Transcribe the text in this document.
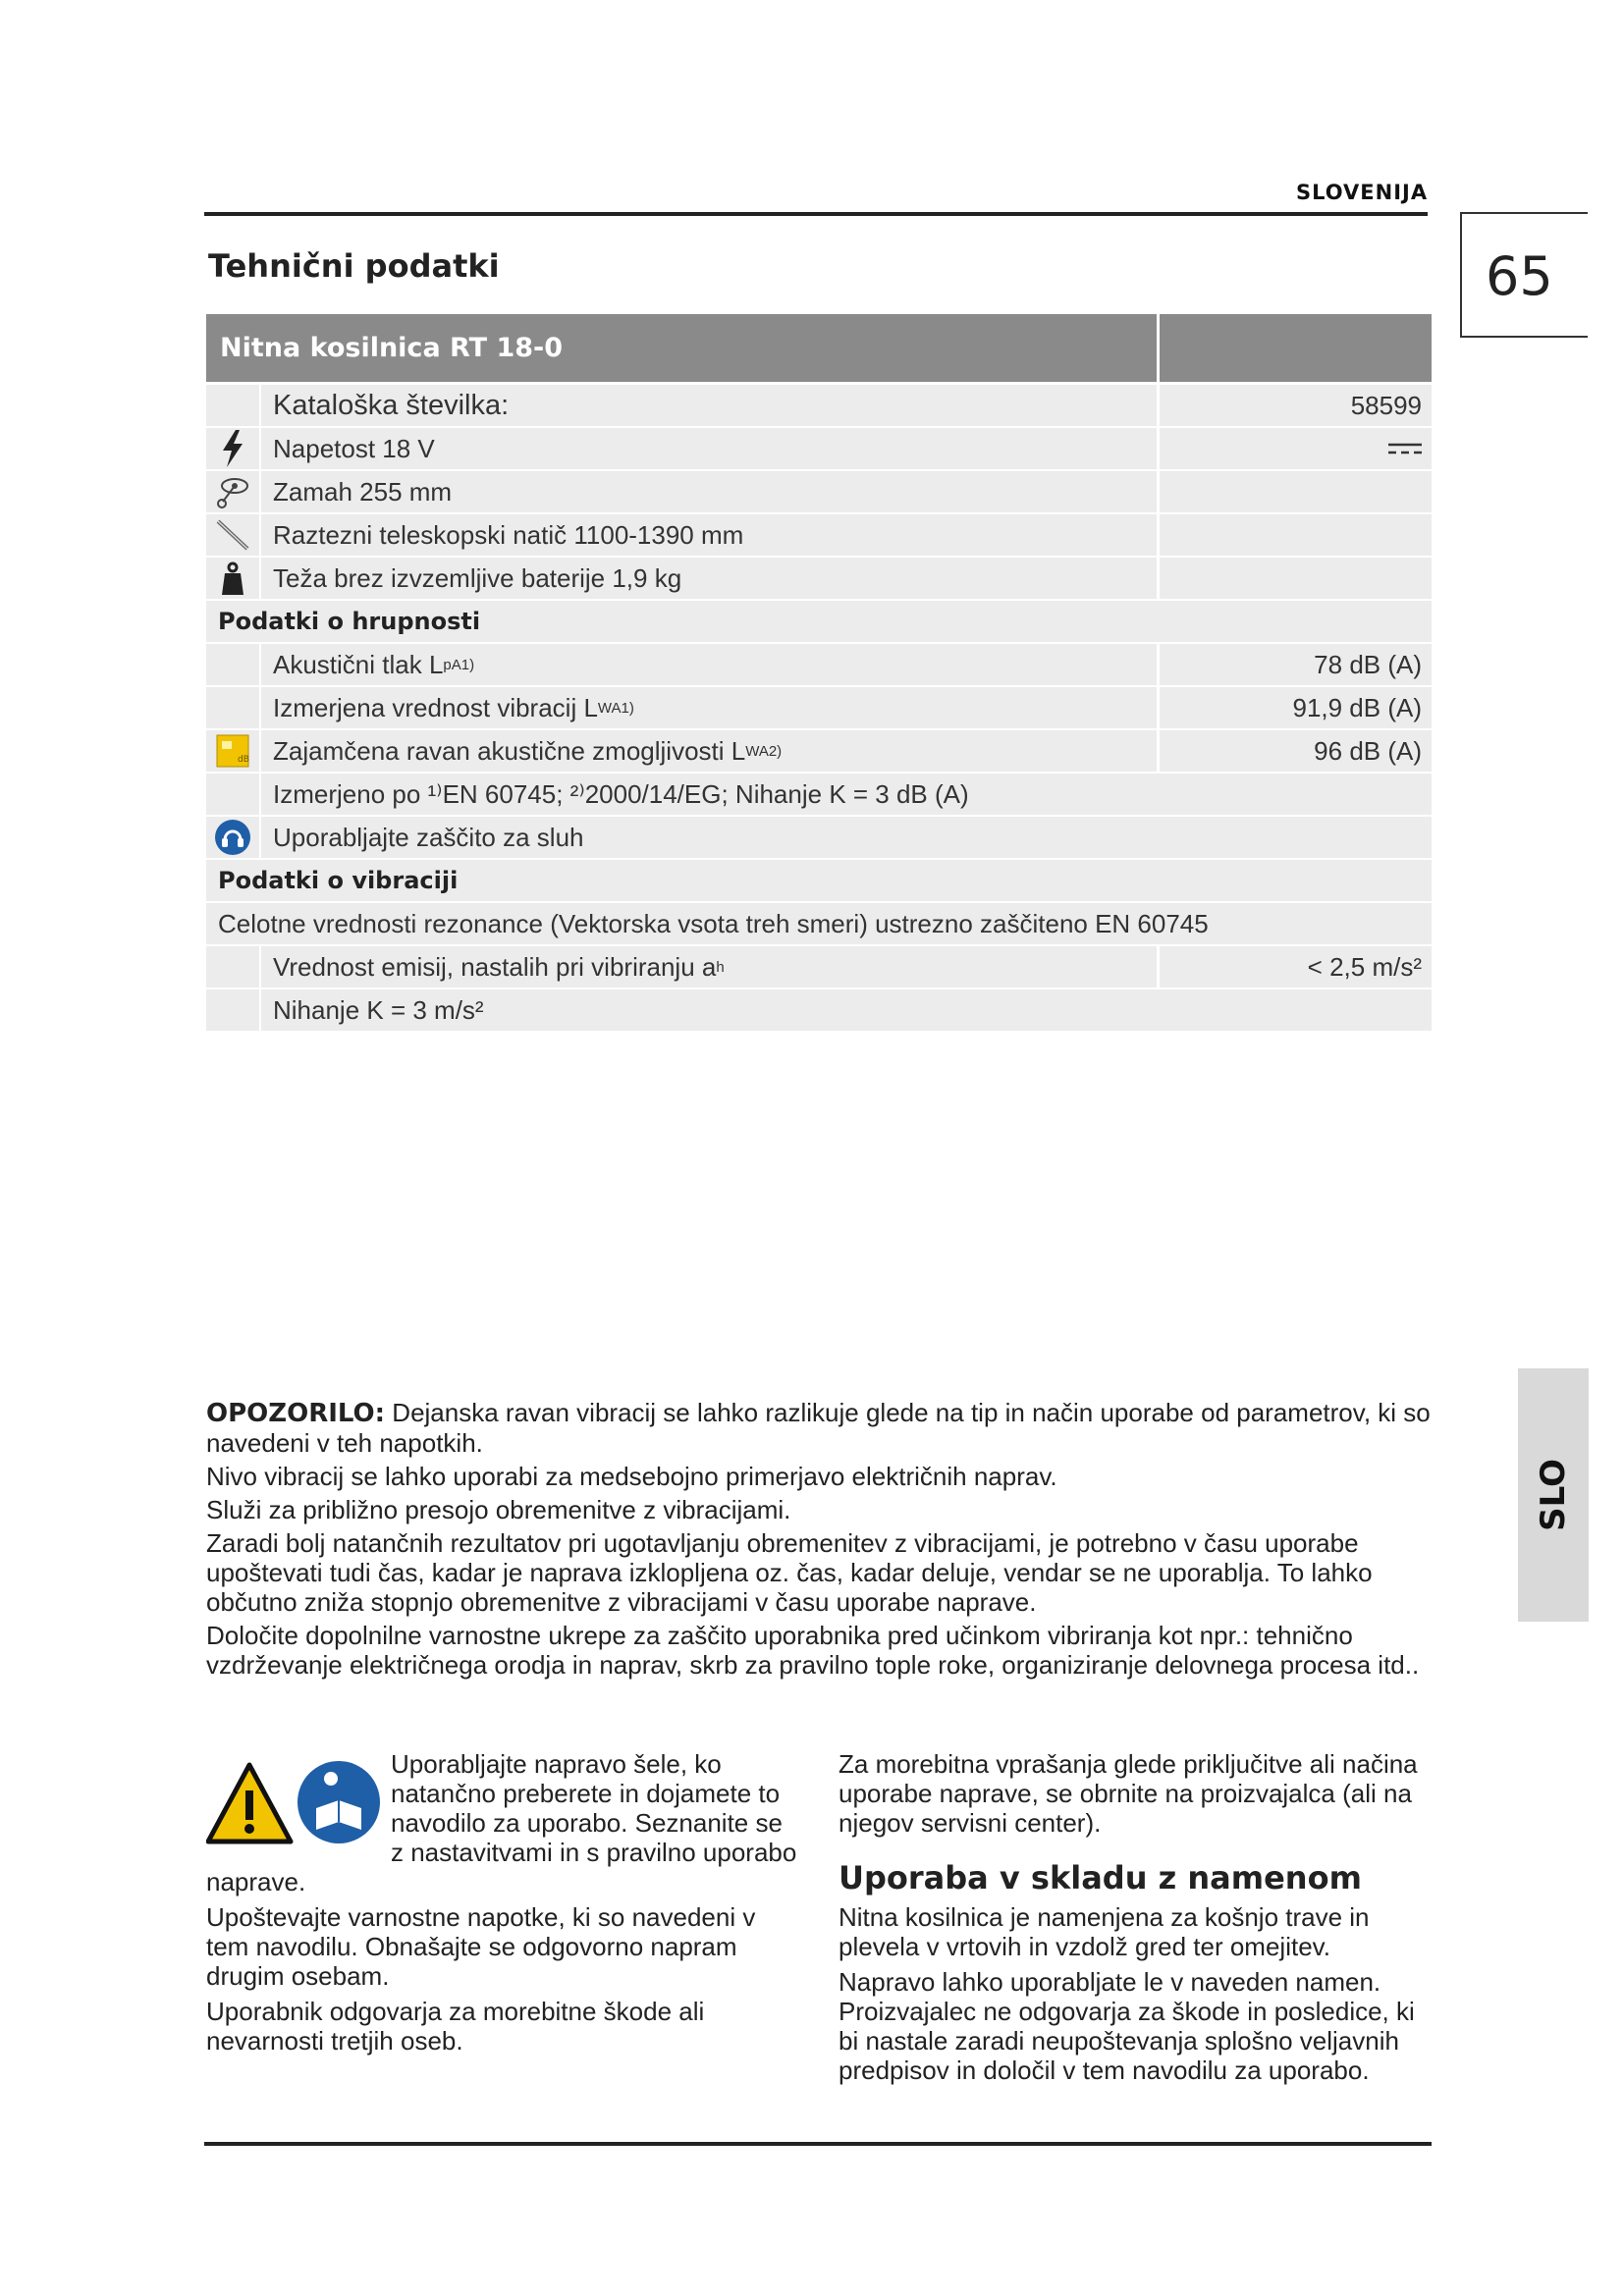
SLOVENIJA
65
SLO
Tehnični podatki
Nitna kosilnica RT 18-0
Kataloška številka:	58599
Napetost 18 V
Zamah 255 mm
Raztezni teleskopski natič 1100-1390 mm
Teža brez izvzemljive baterije 1,9 kg
Podatki o hrupnosti
Akustični tlak L pA 1)	78 dB (A)
Izmerjena vrednost vibracij L WA 1)	91,9 dB (A)
dB Zajamčena ravan akustične zmogljivosti L WA 2)	96 dB (A)
Izmerjeno po ¹⁾EN 60745; ²⁾2000/14/EG; Nihanje K = 3 dB (A)
Uporabljajte zaščito za sluh
Podatki o vibraciji
Celotne vrednosti rezonance (Vektorska vsota treh smeri) ustrezno zaščiteno EN 60745
Vrednost emisij, nastalih pri vibriranju a h	< 2,5 m/s²
Nihanje K = 3 m/s²

OPOZORILO: Dejanska ravan vibracij se lahko razlikuje glede na tip in način uporabe od parametrov, ki so navedeni v teh napotkih.

Nivo vibracij se lahko uporabi za medsebojno primerjavo električnih naprav.

Služi za približno presojo obremenitve z vibracijami.

Zaradi bolj natančnih rezultatov pri ugotavljanju obremenitev z vibracijami, je potrebno v času uporabe upoštevati tudi čas, kadar je naprava izklopljena oz. čas, kadar deluje, vendar se ne uporablja. To lahko občutno zniža stopnjo obremenitve z vibracijami v času uporabe naprave.

Določite dopolnilne varnostne ukrepe za zaščito uporabnika pred učinkom vibriranja kot npr.: tehnično vzdrževanje električnega orodja in naprav, skrb za pravilno tople roke, organiziranje delovnega procesa itd..

Uporabljajte napravo šele, ko natančno preberete in dojamete to navodilo za uporabo. Seznanite se z nastavitvami in s pravilno uporabo naprave.

Upoštevajte varnostne napotke, ki so navedeni v tem navodilu. Obnašajte se odgovorno napram drugim osebam.

Uporabnik odgovarja za morebitne škode ali nevarnosti tretjih oseb.

Za morebitna vprašanja glede priključitve ali načina uporabe naprave, se obrnite na proizvajalca (ali na njegov servisni center).

Uporaba v skladu z namenom

Nitna kosilnica je namenjena za košnjo trave in plevela v vrtovih in vzdolž gred ter omejitev.

Napravo lahko uporabljate le v naveden namen. Proizvajalec ne odgovarja za škode in posledice, ki bi nastale zaradi neupoštevanja splošno veljavnih predpisov in določil v tem navodilu za uporabo.
